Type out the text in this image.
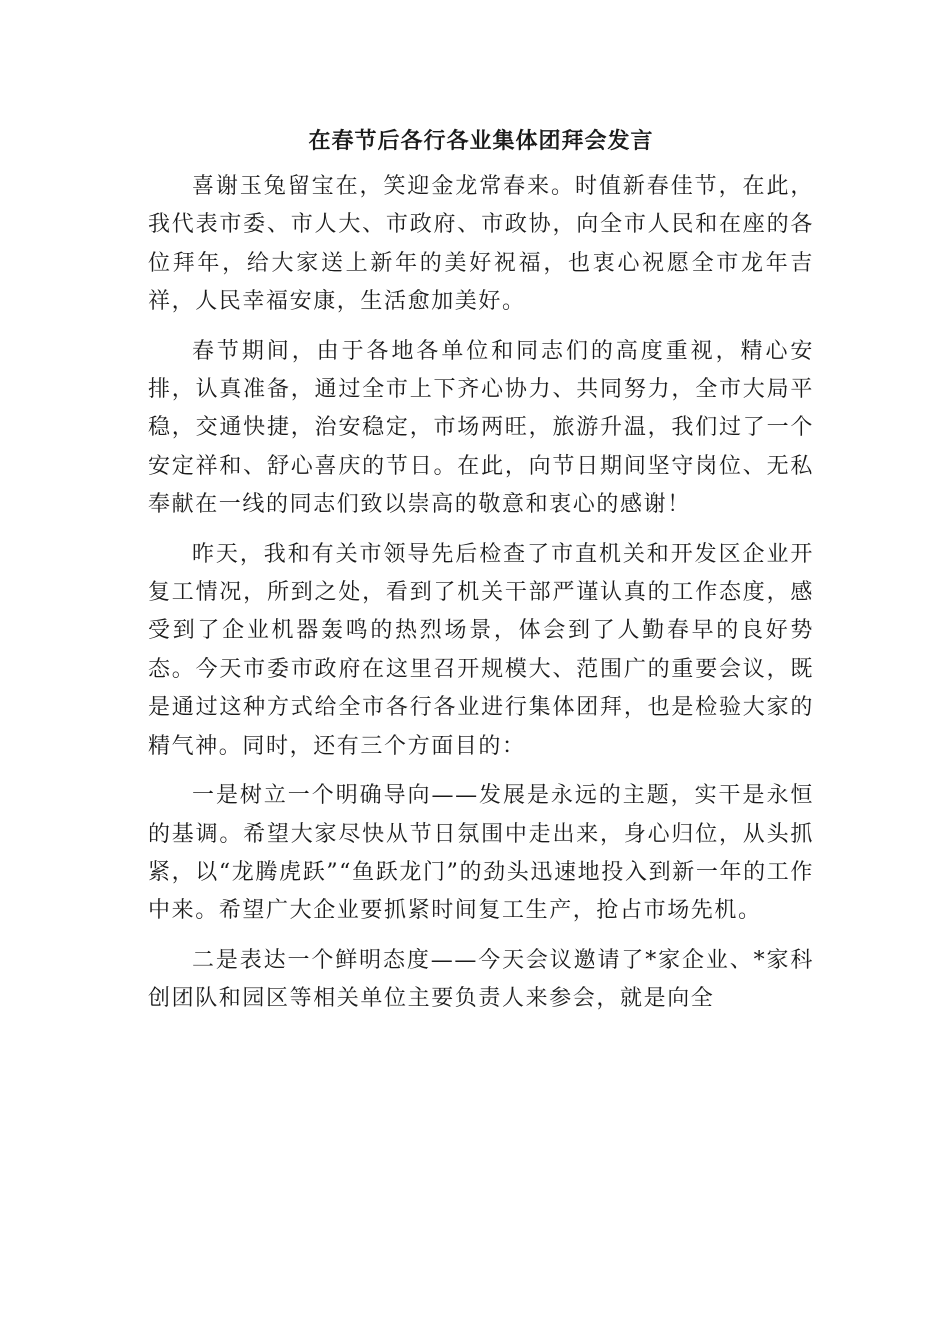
在春节后各行各业集体团拜会发言

喜谢玉兔留宝在，笑迎金龙常春来。时值新春佳节，在此，我代表市委、市人大、市政府、市政协，向全市人民和在座的各位拜年，给大家送上新年的美好祝福，也衷心祝愿全市龙年吉祥，人民幸福安康，生活愈加美好。

春节期间，由于各地各单位和同志们的高度重视，精心安排，认真准备，通过全市上下齐心协力、共同努力，全市大局平稳，交通快捷，治安稳定，市场两旺，旅游升温，我们过了一个安定祥和、舒心喜庆的节日。在此，向节日期间坚守岗位、无私奉献在一线的同志们致以崇高的敬意和衷心的感谢！

昨天，我和有关市领导先后检查了市直机关和开发区企业开复工情况，所到之处，看到了机关干部严谨认真的工作态度，感受到了企业机器轰鸣的热烈场景，体会到了人勤春早的良好势态。今天市委市政府在这里召开规模大、范围广的重要会议，既是通过这种方式给全市各行各业进行集体团拜，也是检验大家的精气神。同时，还有三个方面目的：

一是树立一个明确导向——发展是永远的主题，实干是永恒的基调。希望大家尽快从节日氛围中走出来，身心归位，从头抓紧，以“龙腾虎跃”“鱼跃龙门”的劲头迅速地投入到新一年的工作中来。希望广大企业要抓紧时间复工生产，抢占市场先机。

二是表达一个鲜明态度——今天会议邀请了*家企业、*家科创团队和园区等相关单位主要负责人来参会，就是向全
